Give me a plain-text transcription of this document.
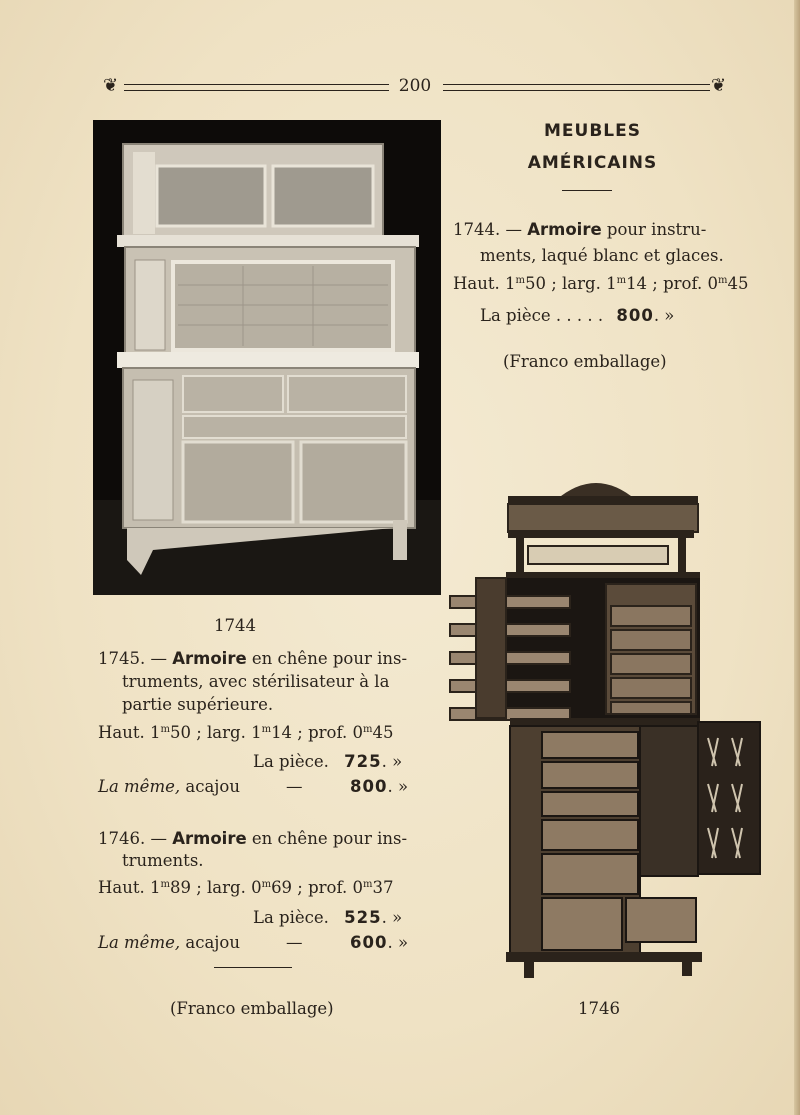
❦	200	❦
MEUBLES
AMÉRICAINS
1744. — Armoire pour instru-
ments, laqué blanc et glaces.
Haut. 1$^m$50 ; larg. 1$^m$14 ; prof. 0$^m$45
La pièce . . . . . 800. »
(Franco emballage)
1744
1745. — Armoire en chêne pour ins-
truments, avec stérilisateur à la
partie supérieure.
Haut. 1$^m$50 ; larg. 1$^m$14 ; prof. 0$^m$45
La pièce. 725. »
La même, acajou	—	800. »
1746. — Armoire en chêne pour ins-
truments.
Haut. 1$^m$89 ; larg. 0$^m$69 ; prof. 0$^m$37
La pièce. 525. »
La même, acajou	—	600. »
(Franco emballage)	1746
